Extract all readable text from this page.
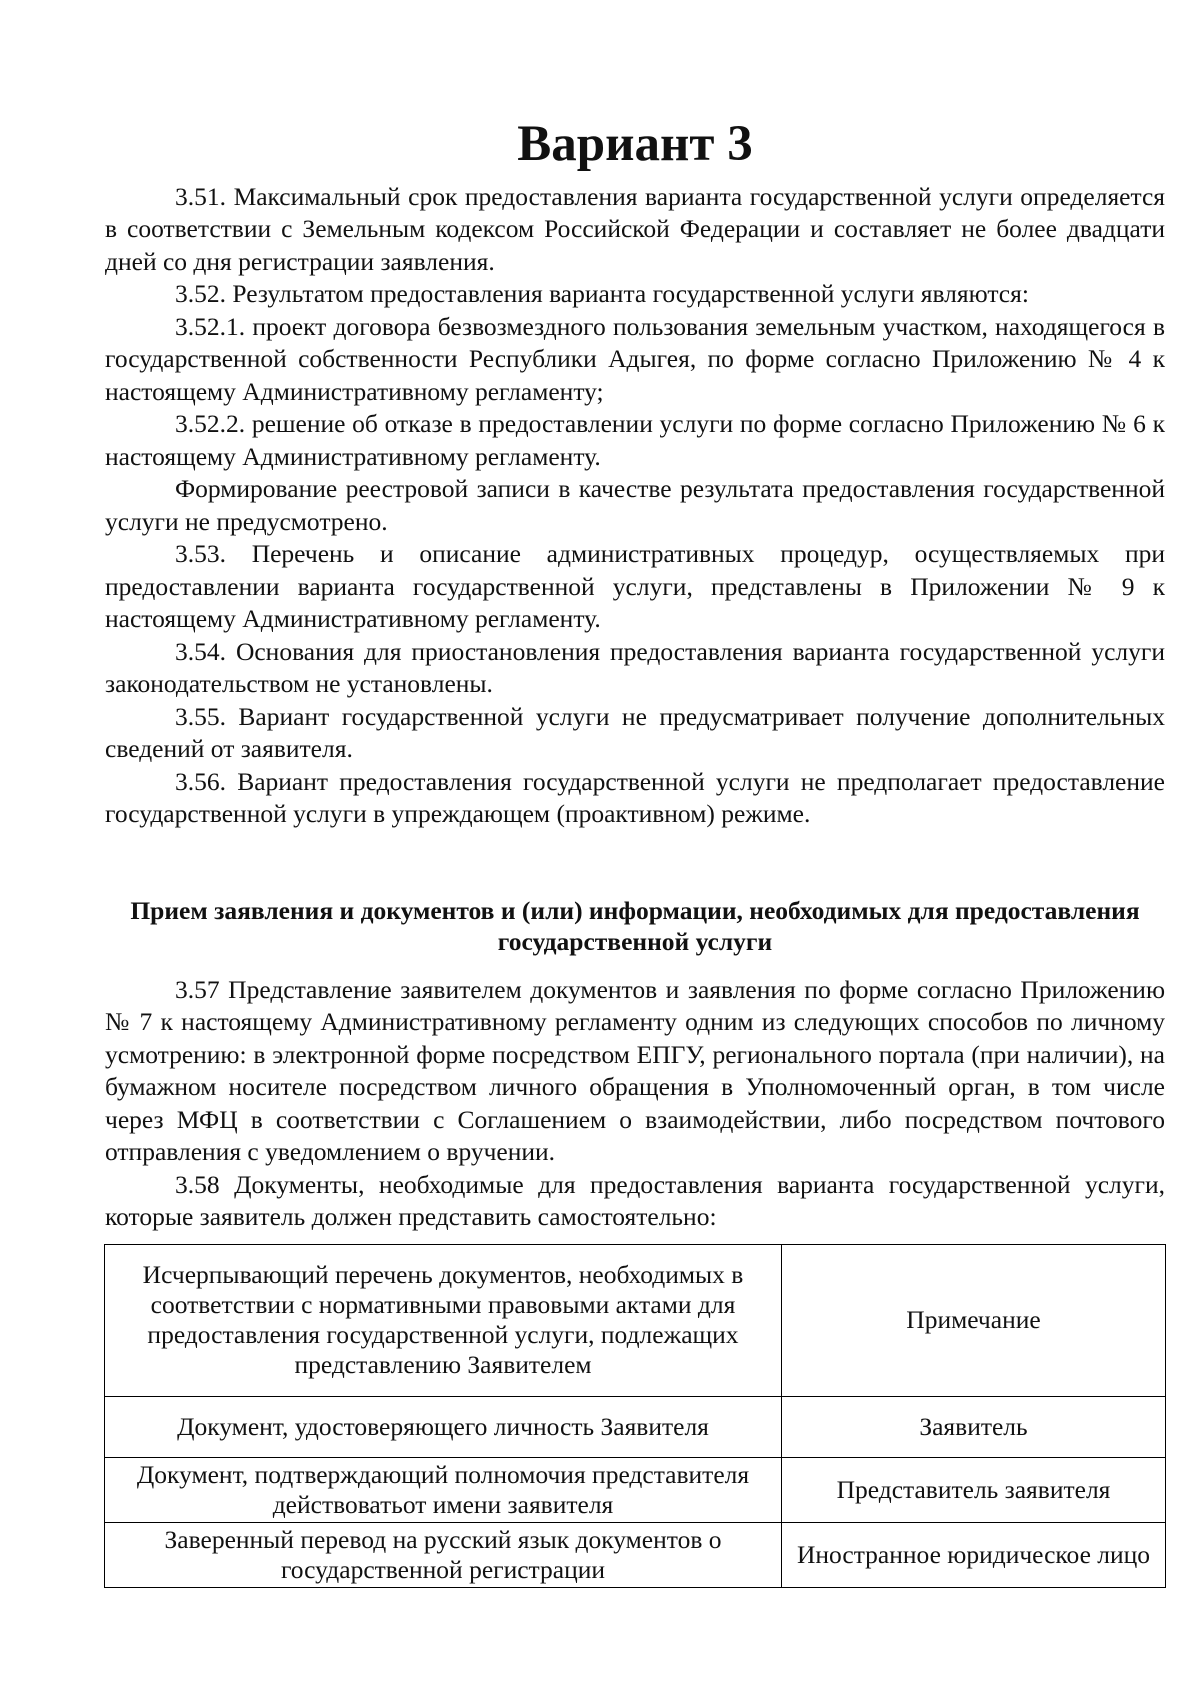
Вариант 3

3.51. Максимальный срок предоставления варианта государственной услуги определяется в соответствии с Земельным кодексом Российской Федерации и составляет не более двадцати дней со дня регистрации заявления.

3.52. Результатом предоставления варианта государственной услуги являются:

3.52.1. проект договора безвозмездного пользования земельным участком, находящегося в государственной собственности Республики Адыгея, по форме согласно Приложению № 4 к настоящему Административному регламенту;

3.52.2. решение об отказе в предоставлении услуги по форме согласно Приложению № 6 к настоящему Административному регламенту.

Формирование реестровой записи в качестве результата предоставления государственной услуги не предусмотрено.

3.53. Перечень и описание административных процедур, осуществляемых при предоставлении варианта государственной услуги, представлены в Приложении № 9 к настоящему Административному регламенту.

3.54. Основания для приостановления предоставления варианта государственной услуги законодательством не установлены.

3.55. Вариант государственной услуги не предусматривает получение дополнительных сведений от заявителя.

3.56. Вариант предоставления государственной услуги не предполагает предоставление государственной услуги в упреждающем (проактивном) режиме.

Прием заявления и документов и (или) информации, необходимых для предоставления государственной услуги

3.57 Представление заявителем документов и заявления по форме согласно Приложению № 7 к настоящему Административному регламенту одним из следующих способов по личному усмотрению: в электронной форме посредством ЕПГУ, регионального портала (при наличии), на бумажном носителе посредством личного обращения в Уполномоченный орган, в том числе через МФЦ в соответствии с Соглашением о взаимодействии, либо посредством почтового отправления с уведомлением о вручении.

3.58 Документы, необходимые для предоставления варианта государственной услуги, которые заявитель должен представить самостоятельно:

Исчерпывающий перечень документов, необходимых в соответствии с нормативными правовыми актами для предоставления государственной услуги, подлежащих представлению Заявителем	Примечание
Документ, удостоверяющего личность Заявителя	Заявитель
Документ, подтверждающий полномочия представителя действоватьот имени заявителя	Представитель заявителя
Заверенный перевод на русский язык документов о государственной регистрации	Иностранное юридическое лицо
